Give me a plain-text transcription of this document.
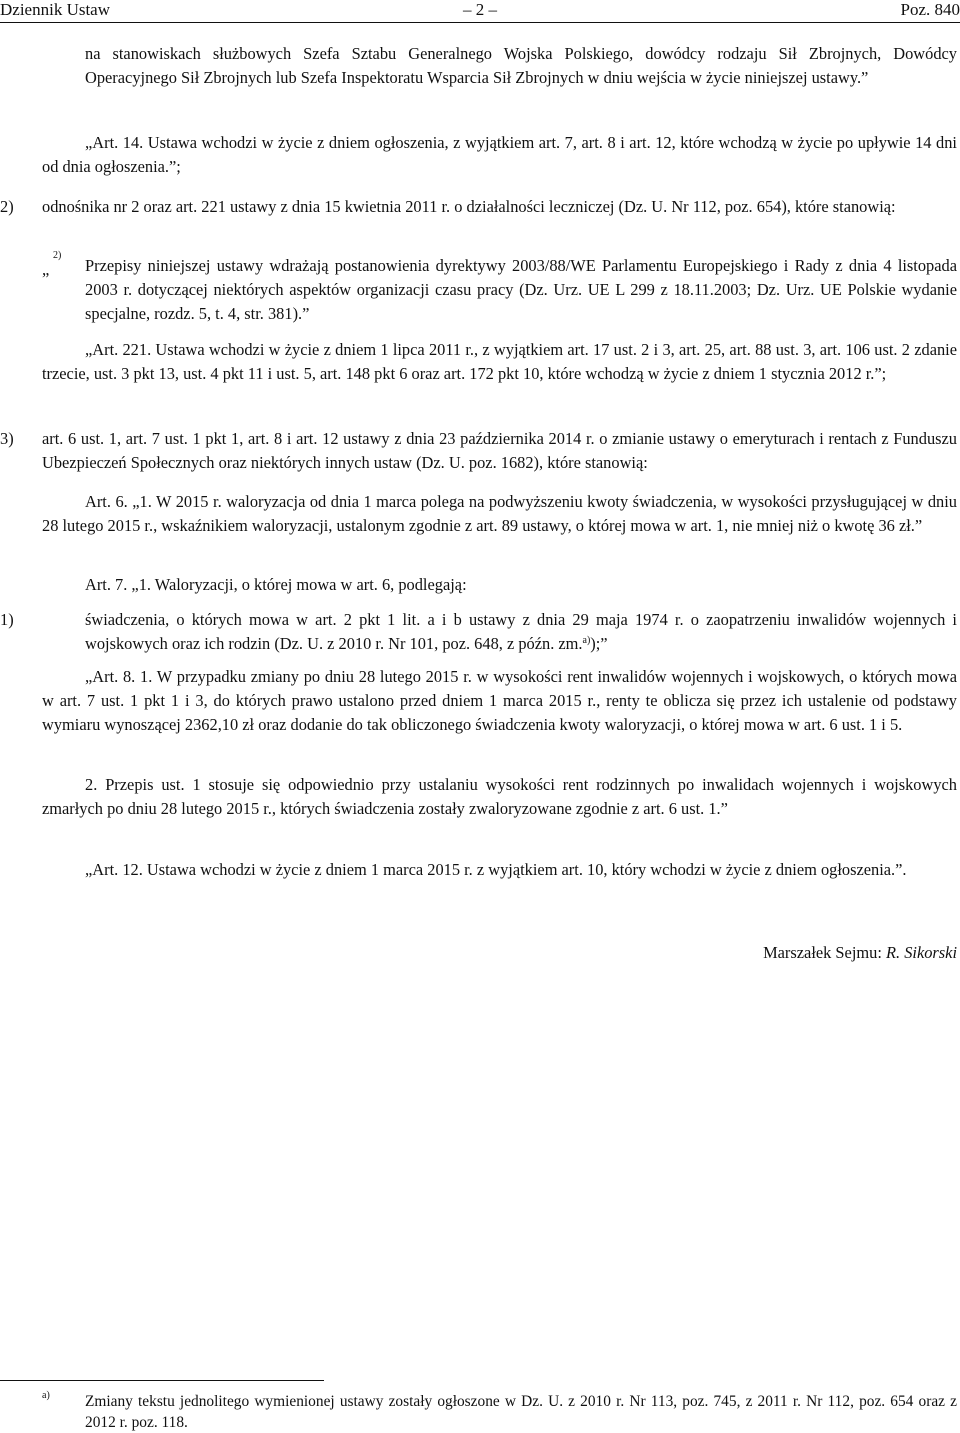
Dziennik Ustaw	– 2 –	Poz. 840
na stanowiskach służbowych Szefa Sztabu Generalnego Wojska Polskiego, dowódcy rodzaju Sił Zbrojnych, Dowódcy Operacyjnego Sił Zbrojnych lub Szefa Inspektoratu Wsparcia Sił Zbrojnych w dniu wejścia w życie niniejszej ustawy.”
„Art. 14. Ustawa wchodzi w życie z dniem ogłoszenia, z wyjątkiem art. 7, art. 8 i art. 12, które wchodzą w życie po upływie 14 dni od dnia ogłoszenia.”;
2) odnośnika nr 2 oraz art. 221 ustawy z dnia 15 kwietnia 2011 r. o działalności leczniczej (Dz. U. Nr 112, poz. 654), które stanowią:
„
2)
Przepisy niniejszej ustawy wdrażają postanowienia dyrektywy 2003/88/WE Parlamentu Europejskiego i Rady z dnia 4 listopada 2003 r. dotyczącej niektórych aspektów organizacji czasu pracy (Dz. Urz. UE L 299 z 18.11.2003; Dz. Urz. UE Polskie wydanie specjalne, rozdz. 5, t. 4, str. 381).”
„Art. 221. Ustawa wchodzi w życie z dniem 1 lipca 2011 r., z wyjątkiem art. 17 ust. 2 i 3, art. 25, art. 88 ust. 3, art. 106 ust. 2 zdanie trzecie, ust. 3 pkt 13, ust. 4 pkt 11 i ust. 5, art. 148 pkt 6 oraz art. 172 pkt 10, które wchodzą w życie z dniem 1 stycznia 2012 r.”;
3) art. 6 ust. 1, art. 7 ust. 1 pkt 1, art. 8 i art. 12 ustawy z dnia 23 października 2014 r. o zmianie ustawy o emeryturach i rentach z Funduszu Ubezpieczeń Społecznych oraz niektórych innych ustaw (Dz. U. poz. 1682), które stanowią:
Art. 6. „1. W 2015 r. waloryzacja od dnia 1 marca polega na podwyższeniu kwoty świadczenia, w wysokości przysługującej w dniu 28 lutego 2015 r., wskaźnikiem waloryzacji, ustalonym zgodnie z art. 89 ustawy, o której mowa w art. 1, nie mniej niż o kwotę 36 zł.”
Art. 7. „1. Waloryzacji, o której mowa w art. 6, podlegają:
1)	świadczenia, o których mowa w art. 2 pkt 1 lit. a i b ustawy z dnia 29 maja 1974 r. o zaopatrzeniu inwalidów wojennych i wojskowych oraz ich rodzin (Dz. U. z 2010 r. Nr 101, poz. 648, z późn. zm.$^{a)}$);”
„Art. 8. 1. W przypadku zmiany po dniu 28 lutego 2015 r. w wysokości rent inwalidów wojennych i wojskowych, o których mowa w art. 7 ust. 1 pkt 1 i 3, do których prawo ustalono przed dniem 1 marca 2015 r., renty te oblicza się przez ich ustalenie od podstawy wymiaru wynoszącej 2362,10 zł oraz dodanie do tak obliczonego świadczenia kwoty waloryzacji, o której mowa w art. 6 ust. 1 i 5.
2. Przepis ust. 1 stosuje się odpowiednio przy ustalaniu wysokości rent rodzinnych po inwalidach wojennych i wojskowych zmarłych po dniu 28 lutego 2015 r., których świadczenia zostały zwaloryzowane zgodnie z art. 6 ust. 1.”
„Art. 12. Ustawa wchodzi w życie z dniem 1 marca 2015 r. z wyjątkiem art. 10, który wchodzi w życie z dniem ogłoszenia.”.
Marszałek Sejmu: R. Sikorski
a) Zmiany tekstu jednolitego wymienionej ustawy zostały ogłoszone w Dz. U. z 2010 r. Nr 113, poz. 745, z 2011 r. Nr 112, poz. 654 oraz z 2012 r. poz. 118.
